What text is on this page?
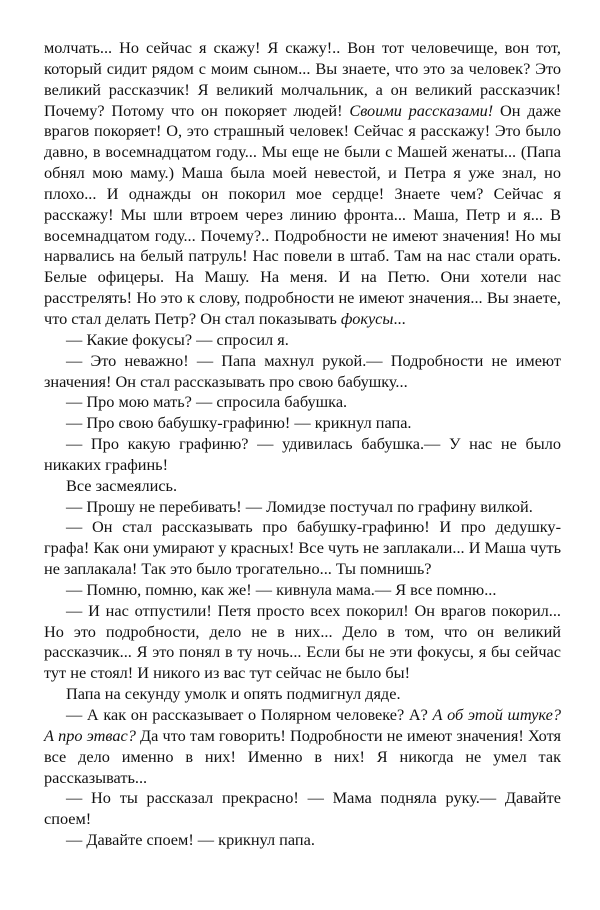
молчать... Но сейчас я скажу! Я скажу!.. Вон тот человечище, вон тот, который сидит рядом с моим сыном... Вы знаете, что это за человек? Это великий рассказчик! Я великий молчальник, а он великий рассказчик! Почему? Потому что он покоряет людей! Своими рассказами! Он даже врагов покоряет! О, это страшный человек! Сейчас я расскажу! Это было давно, в восемнадцатом году... Мы еще не были с Машей женаты... (Папа обнял мою маму.) Маша была моей невестой, и Петра я уже знал, но плохо... И однажды он покорил мое сердце! Знаете чем? Сейчас я расскажу! Мы шли втроем через линию фронта... Маша, Петр и я... В восемнадцатом году... Почему?.. Подробности не имеют значения! Но мы нарвались на белый патруль! Нас повели в штаб. Там на нас стали орать. Белые офицеры. На Машу. На меня. И на Петю. Они хотели нас расстрелять! Но это к слову, подробности не имеют значения... Вы знаете, что стал делать Петр? Он стал показывать фокусы...

— Какие фокусы? — спросил я.

— Это неважно! — Папа махнул рукой.— Подробности не имеют значения! Он стал рассказывать про свою бабушку...

— Про мою мать? — спросила бабушка.

— Про свою бабушку-графиню! — крикнул папа.

— Про какую графиню? — удивилась бабушка.— У нас не было никаких графинь!

Все засмеялись.

— Прошу не перебивать! — Ломидзе постучал по графину вилкой.

— Он стал рассказывать про бабушку-графиню! И про дедушку-графа! Как они умирают у красных! Все чуть не заплакали... И Маша чуть не заплакала! Так это было трогательно... Ты помнишь?

— Помню, помню, как же! — кивнула мама.— Я все помню...

— И нас отпустили! Петя просто всех покорил! Он врагов покорил... Но это подробности, дело не в них... Дело в том, что он великий рассказчик... Я это понял в ту ночь... Если бы не эти фокусы, я бы сейчас тут не стоял! И никого из вас тут сейчас не было бы!

Папа на секунду умолк и опять подмигнул дяде.

— А как он рассказывает о Полярном человеке? А? А об этой штуке? А про этвас? Да что там говорить! Подробности не имеют значения! Хотя все дело именно в них! Именно в них! Я никогда не умел так рассказывать...

— Но ты рассказал прекрасно! — Мама подняла руку.— Давайте споем!

— Давайте споем! — крикнул папа.
